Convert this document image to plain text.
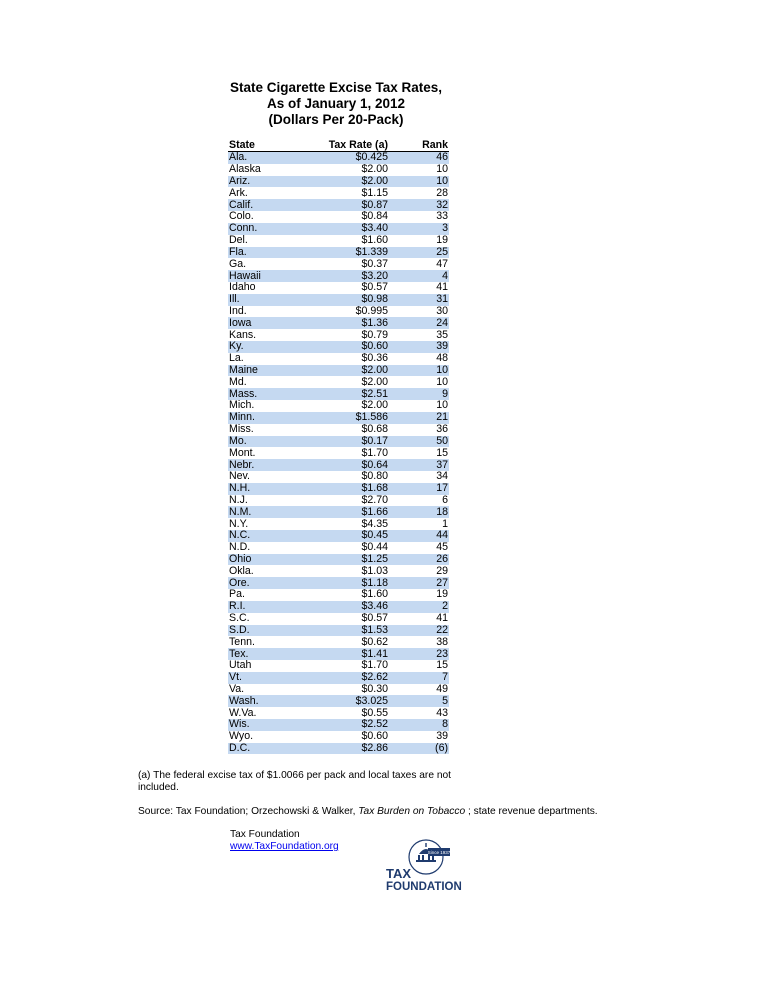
State Cigarette Excise Tax Rates,
As of January 1, 2012
(Dollars Per 20-Pack)
State	Tax Rate (a)	Rank
Ala.	$0.425	46
Alaska	$2.00	10
Ariz.	$2.00	10
Ark.	$1.15	28
Calif.	$0.87	32
Colo.	$0.84	33
Conn.	$3.40	3
Del.	$1.60	19
Fla.	$1.339	25
Ga.	$0.37	47
Hawaii	$3.20	4
Idaho	$0.57	41
Ill.	$0.98	31
Ind.	$0.995	30
Iowa	$1.36	24
Kans.	$0.79	35
Ky.	$0.60	39
La.	$0.36	48
Maine	$2.00	10
Md.	$2.00	10
Mass.	$2.51	9
Mich.	$2.00	10
Minn.	$1.586	21
Miss.	$0.68	36
Mo.	$0.17	50
Mont.	$1.70	15
Nebr.	$0.64	37
Nev.	$0.80	34
N.H.	$1.68	17
N.J.	$2.70	6
N.M.	$1.66	18
N.Y.	$4.35	1
N.C.	$0.45	44
N.D.	$0.44	45
Ohio	$1.25	26
Okla.	$1.03	29
Ore.	$1.18	27
Pa.	$1.60	19
R.I.	$3.46	2
S.C.	$0.57	41
S.D.	$1.53	22
Tenn.	$0.62	38
Tex.	$1.41	23
Utah	$1.70	15
Vt.	$2.62	7
Va.	$0.30	49
Wash.	$3.025	5
W.Va.	$0.55	43
Wis.	$2.52	8
Wyo.	$0.60	39
D.C.	$2.86	(6)
(a) The federal excise tax of $1.0066 per pack and local taxes are not included.
Source: Tax Foundation; Orzechowski & Walker, Tax Burden on Tobacco ; state revenue departments.
Tax Foundation
www.TaxFoundation.org
Since 1937
TAX
FOUNDATION
